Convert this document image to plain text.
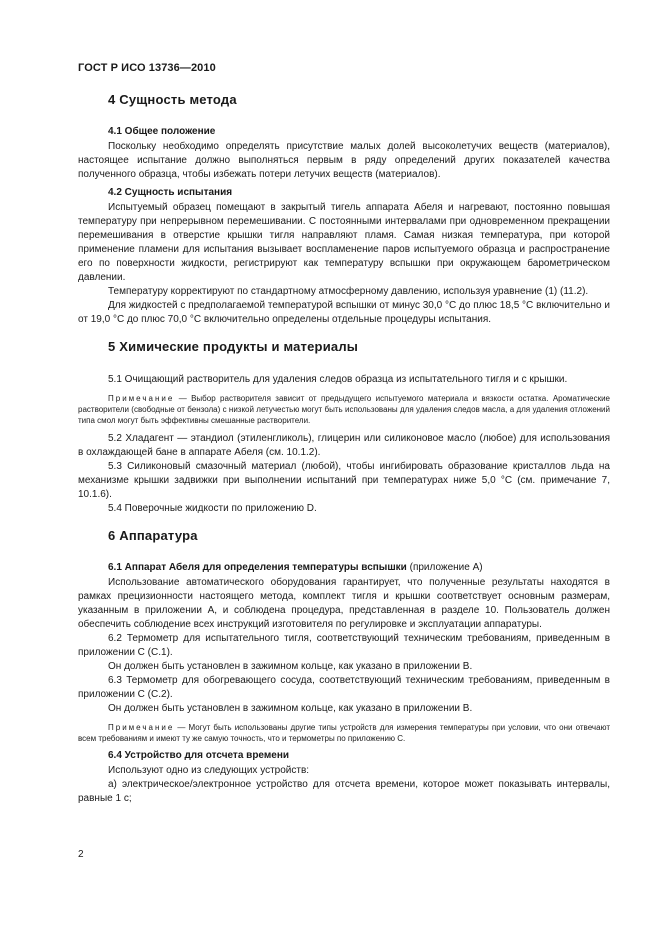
ГОСТ Р ИСО 13736—2010
4 Сущность метода
4.1 Общее положение

Поскольку необходимо определять присутствие малых долей высоколетучих веществ (материалов), настоящее испытание должно выполняться первым в ряду определений других показателей качества полученного образца, чтобы избежать потери летучих веществ (материалов).

4.2 Сущность испытания

Испытуемый образец помещают в закрытый тигель аппарата Абеля и нагревают, постоянно повышая температуру при непрерывном перемешивании. С постоянными интервалами при одновременном прекращении перемешивания в отверстие крышки тигля направляют пламя. Самая низкая температура, при которой применение пламени для испытания вызывает воспламенение паров испытуемого образца и распространение его по поверхности жидкости, регистрируют как температуру вспышки при окружающем барометрическом давлении.

Температуру корректируют по стандартному атмосферному давлению, используя уравнение (1) (11.2).

Для жидкостей с предполагаемой температурой вспышки от минус 30,0 °С до плюс 18,5 °С включительно и от 19,0 °С до плюс 70,0 °С включительно определены отдельные процедуры испытания.

5 Химические продукты и материалы

5.1 Очищающий растворитель для удаления следов образца из испытательного тигля и с крышки.

Примечание — Выбор растворителя зависит от предыдущего испытуемого материала и вязкости остатка. Ароматические растворители (свободные от бензола) с низкой летучестью могут быть использованы для удаления следов масла, а для удаления отложений типа смол могут быть эффективны смешанные растворители.

5.2 Хладагент — этандиол (этиленгликоль), глицерин или силиконовое масло (любое) для использования в охлаждающей бане в аппарате Абеля (см. 10.1.2).

5.3 Силиконовый смазочный материал (любой), чтобы ингибировать образование кристаллов льда на механизме крышки задвижки при выполнении испытаний при температурах ниже 5,0 °С (см. примечание 7, 10.1.6).

5.4 Поверочные жидкости по приложению D.

6 Аппаратура
6.1 Аппарат Абеля для определения температуры вспышки (приложение А)

Использование автоматического оборудования гарантирует, что полученные результаты находятся в рамках прецизионности настоящего метода, комплект тигля и крышки соответствует основным размерам, указанным в приложении А, и соблюдена процедура, представленная в разделе 10. Пользователь должен обеспечить соблюдение всех инструкций изготовителя по регулировке и эксплуатации аппаратуры.

6.2 Термометр для испытательного тигля, соответствующий техническим требованиям, приведенным в приложении С (С.1).

Он должен быть установлен в зажимном кольце, как указано в приложении В.

6.3 Термометр для обогревающего сосуда, соответствующий техническим требованиям, приведенным в приложении С (С.2).

Он должен быть установлен в зажимном кольце, как указано в приложении В.

Примечание — Могут быть использованы другие типы устройств для измерения температуры при условии, что они отвечают всем требованиям и имеют ту же самую точность, что и термометры по приложению С.

6.4 Устройство для отсчета времени

Используют одно из следующих устройств:

а) электрическое/электронное устройство для отсчета времени, которое может показывать интервалы, равные 1 с;

2
